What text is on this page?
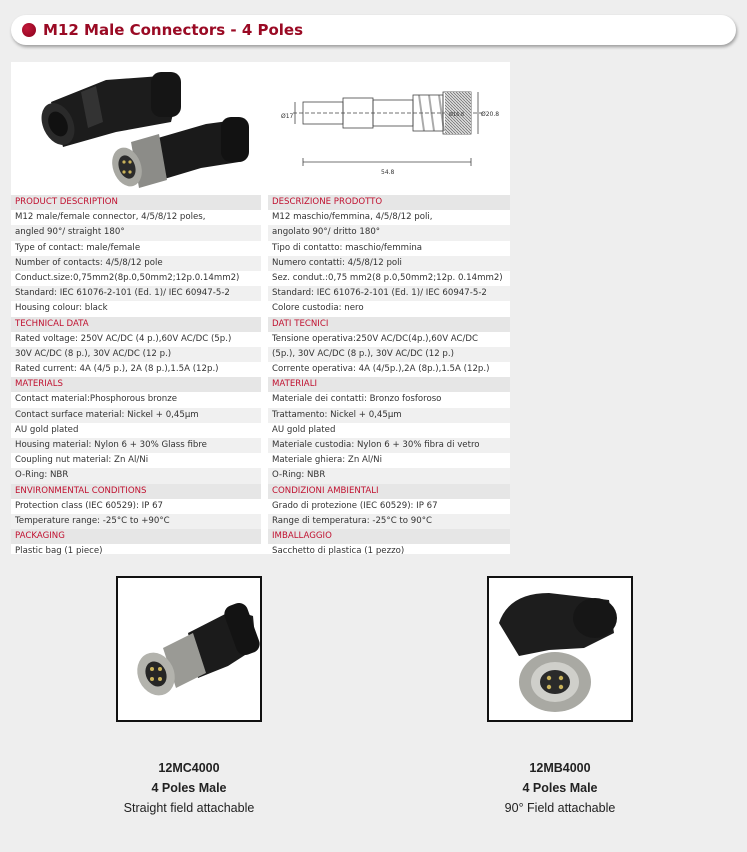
M12 Male Connectors - 4 Poles
54.8
Ø17	Ø20.8
Ø16.8
PRODUCT DESCRIPTION
M12 male/female connector, 4/5/8/12 poles,
angled 90°/ straight 180°
Type of contact: male/female
Number of contacts: 4/5/8/12 pole
Conduct.size:0,75mm2(8p.0,50mm2;12p.0.14mm2)
Standard: IEC 61076-2-101 (Ed. 1)/ IEC 60947-5-2
Housing colour: black
TECHNICAL DATA
Rated voltage: 250V AC/DC (4 p.),60V AC/DC (5p.)
30V AC/DC (8 p.), 30V AC/DC (12 p.)
Rated current: 4A (4/5 p.), 2A (8 p.),1.5A (12p.)
MATERIALS
Contact material:Phosphorous bronze
Contact surface material: Nickel + 0,45µm
AU gold plated
Housing material: Nylon 6 + 30% Glass fibre
Coupling nut material: Zn Al/Ni
O-Ring: NBR
ENVIRONMENTAL CONDITIONS
Protection class (IEC 60529): IP 67
Temperature range: -25°C to +90°C
PACKAGING
Plastic bag (1 piece)
DESCRIZIONE PRODOTTO
M12 maschio/femmina, 4/5/8/12 poli,
angolato 90°/ dritto 180°
Tipo di contatto: maschio/femmina
Numero contatti: 4/5/8/12 poli
Sez. condut.:0,75 mm2(8 p.0,50mm2;12p. 0.14mm2)
Standard: IEC 61076-2-101 (Ed. 1)/ IEC 60947-5-2
Colore custodia: nero
DATI TECNICI
Tensione operativa:250V AC/DC(4p.),60V AC/DC
(5p.), 30V AC/DC (8 p.), 30V AC/DC (12 p.)
Corrente operativa: 4A (4/5p.),2A (8p.),1.5A (12p.)
MATERIALI
Materiale dei contatti: Bronzo fosforoso
Trattamento: Nickel + 0,45µm
AU gold plated
Materiale custodia: Nylon 6 + 30% fibra di vetro
Materiale ghiera: Zn Al/Ni
O-Ring: NBR
CONDIZIONI AMBIENTALI
Grado di protezione (IEC 60529): IP 67
Range di temperatura: -25°C to 90°C
IMBALLAGGIO
Sacchetto di plastica (1 pezzo)
12MC4000
4 Poles Male
Straight field attachable
12MB4000
4 Poles Male
90° Field attachable
